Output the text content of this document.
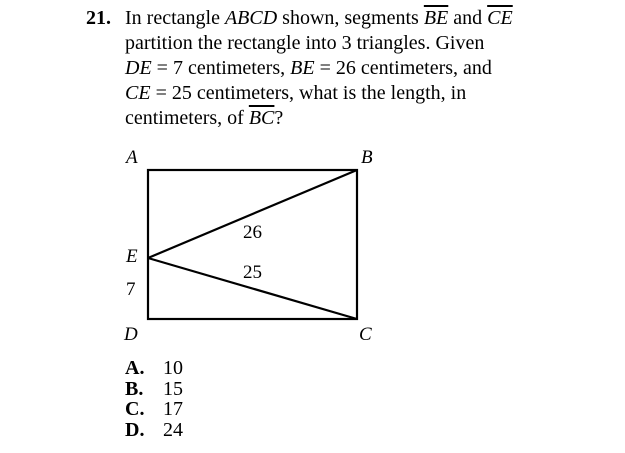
21. In rectangle ABCD shown, segments $\overline{BE}$ and $\overline{CE}$
partition the rectangle into 3 triangles. Given
DE = 7 centimeters, BE = 26 centimeters, and
CE = 25 centimeters, what is the length, in
centimeters, of $\overline{BC}$?
A	B
E
D	C
26
25
7
A. 10
B. 15
C. 17
D. 24
